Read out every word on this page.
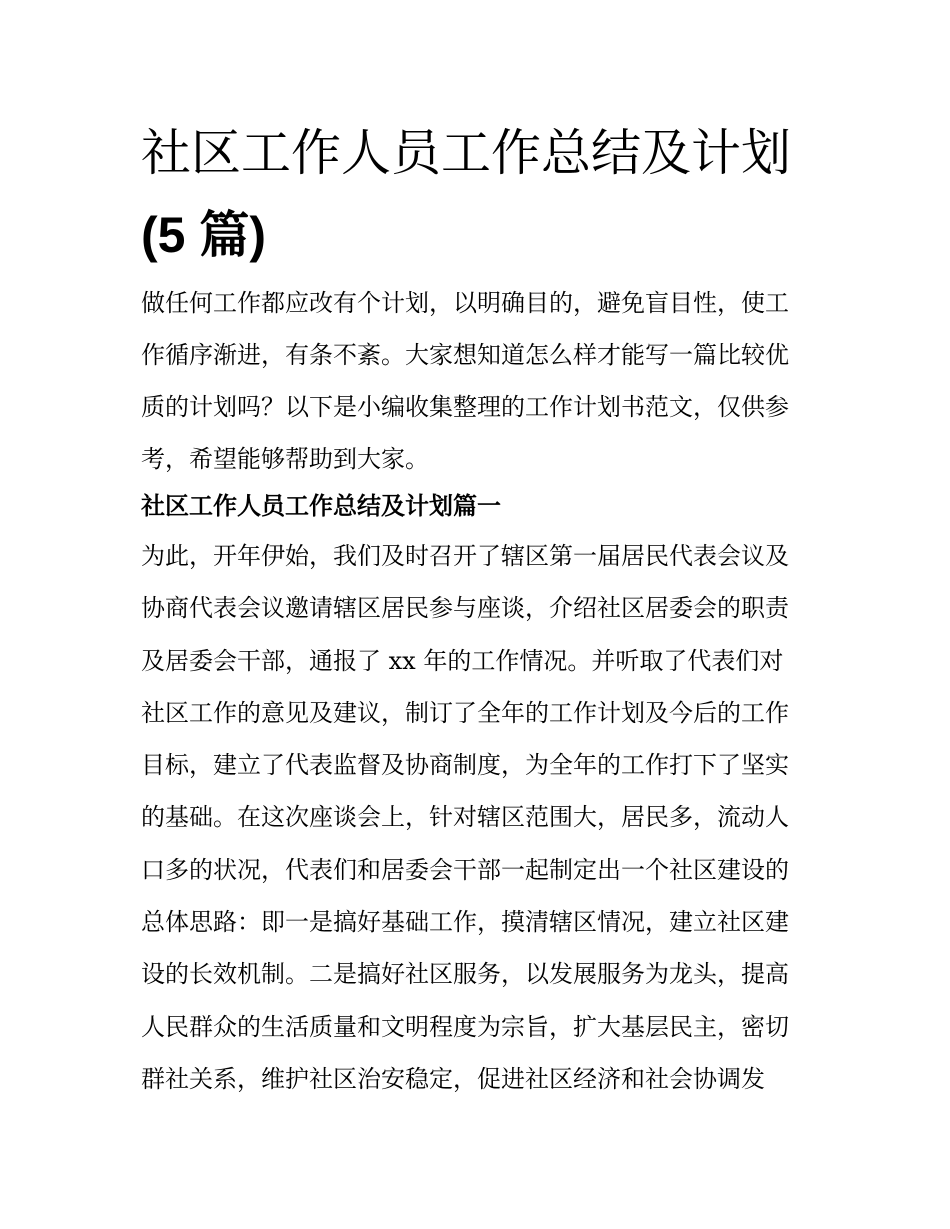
社区工作人员工作总结及计划
(5 篇)
做任何工作都应改有个计划，以明确目的，避免盲目性，使工
作循序渐进，有条不紊。大家想知道怎么样才能写一篇比较优
质的计划吗？以下是小编收集整理的工作计划书范文，仅供参
考，希望能够帮助到大家。
社区工作人员工作总结及计划篇一
为此，开年伊始，我们及时召开了辖区第一届居民代表会议及
协商代表会议邀请辖区居民参与座谈，介绍社区居委会的职责
及居委会干部，通报了 xx 年的工作情况。并听取了代表们对
社区工作的意见及建议，制订了全年的工作计划及今后的工作
目标，建立了代表监督及协商制度，为全年的工作打下了坚实
的基础。在这次座谈会上，针对辖区范围大，居民多，流动人
口多的状况，代表们和居委会干部一起制定出一个社区建设的
总体思路：即一是搞好基础工作，摸清辖区情况，建立社区建
设的长效机制。二是搞好社区服务，以发展服务为龙头，提高
人民群众的生活质量和文明程度为宗旨，扩大基层民主，密切
群社关系，维护社区治安稳定，促进社区经济和社会协调发
